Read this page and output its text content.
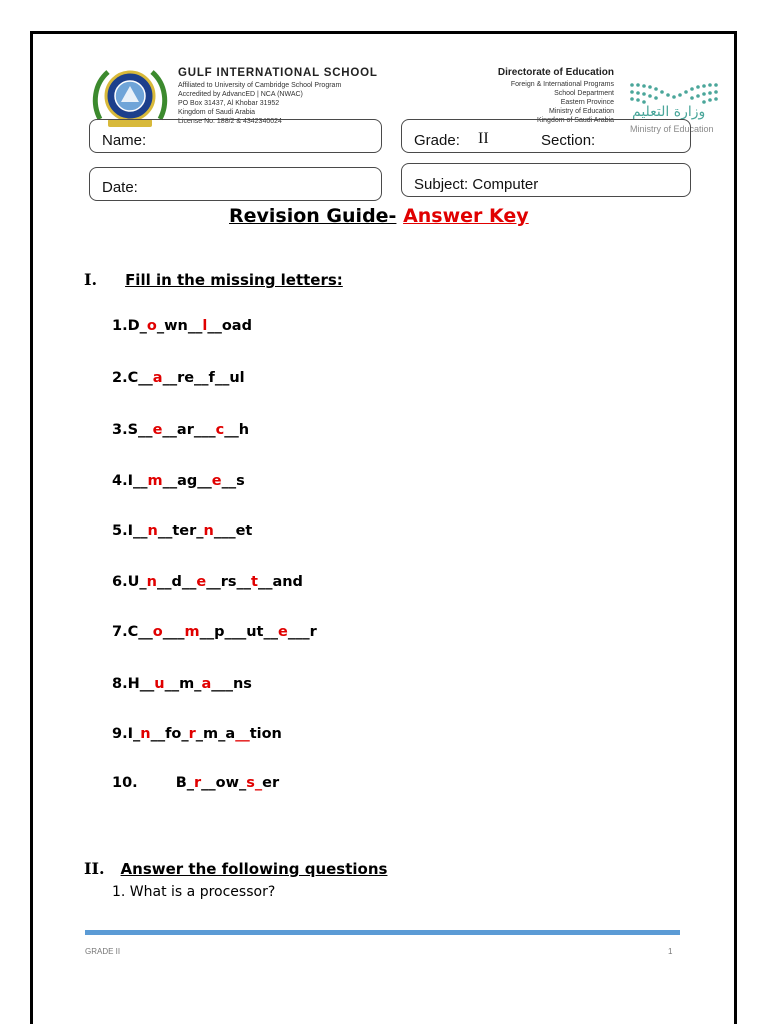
GULF INTERNATIONAL SCHOOL
Affiliated to University of Cambridge School Program
Accredited by AdvancED | NCA (NWAC)
PO Box 31437, Al Khobar 31952
Kingdom of Saudi Arabia
License No. 188/2 & 4342340024
Directorate of Education
Foreign & International Programs
School Department
Eastern Province
Ministry of Education
Kingdom of Saudi Arabia
وزارة التعليم
Ministry of Education
Name:	Grade: II	Section:
Date:	Subject: Computer
Revision Guide- Answer Key
I. Fill in the missing letters:
1.D_o_wn__l__oad
2.C__a__re__f__ul
3.S__e__ar___c__h
4.I__m__ag__e__s
5.I__n__ter_n___et
6.U_n__d__e__rs__t__and
7.C__o___m__p___ut__e___r
8.H__u__m_a___ns
9.I_n__fo_r_m_a__tion
10.	B_r__ow_s_er
II. Answer the following questions
1. What is a processor?
GRADE II	1
